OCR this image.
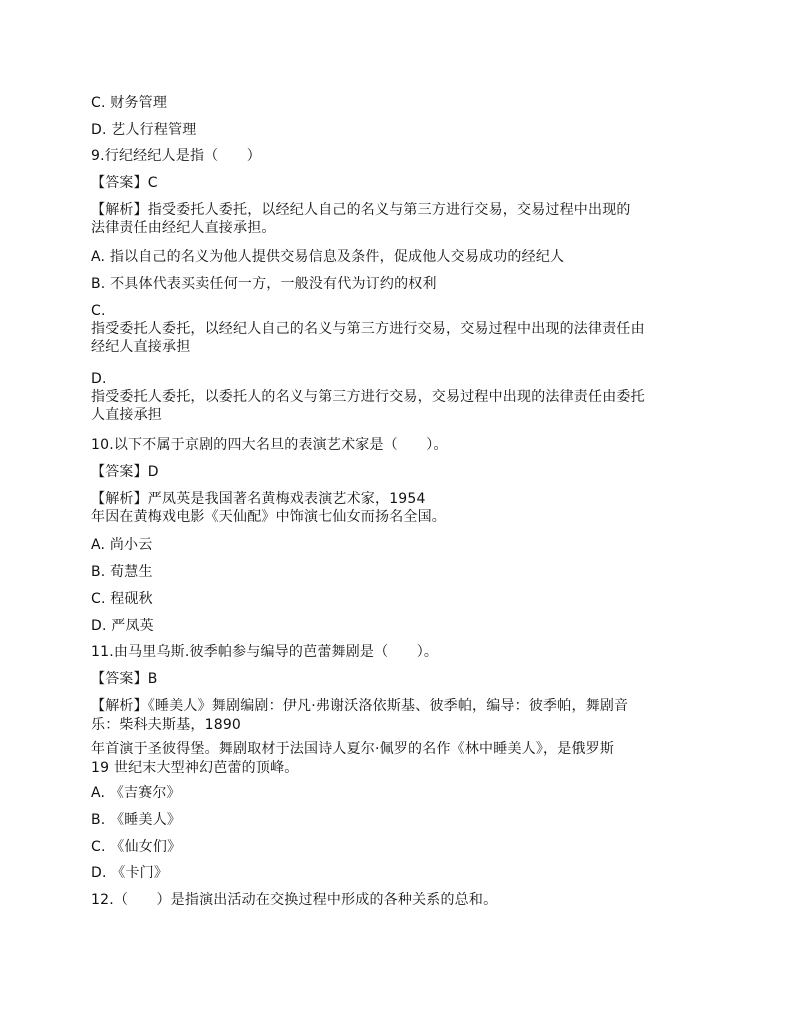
C. 财务管理
D. 艺人行程管理
9.行纪经纪人是指（　　）
【答案】C
【解析】指受委托人委托，以经纪人自己的名义与第三方进行交易，交易过程中出现的
法律责任由经纪人直接承担。
A. 指以自己的名义为他人提供交易信息及条件，促成他人交易成功的经纪人
B. 不具体代表买卖任何一方，一般没有代为订约的权利
C.
指受委托人委托，以经纪人自己的名义与第三方进行交易，交易过程中出现的法律责任由
经纪人直接承担
D.
指受委托人委托，以委托人的名义与第三方进行交易，交易过程中出现的法律责任由委托
人直接承担
10.以下不属于京剧的四大名旦的表演艺术家是（　　）。
【答案】D
【解析】严凤英是我国著名黄梅戏表演艺术家，1954
年因在黄梅戏电影《天仙配》中饰演七仙女而扬名全国。
A. 尚小云
B. 荀慧生
C. 程砚秋
D. 严凤英
11.由马里乌斯.彼季帕参与编导的芭蕾舞剧是（　　）。
【答案】B
【解析】《睡美人》舞剧编剧：伊凡·弗谢沃洛依斯基、彼季帕，编导：彼季帕，舞剧音
乐：柴科夫斯基，1890
年首演于圣彼得堡。舞剧取材于法国诗人夏尔·佩罗的名作《林中睡美人》，是俄罗斯
19 世纪末大型神幻芭蕾的顶峰。
A. 《吉赛尔》
B. 《睡美人》
C. 《仙女们》
D. 《卡门》
12.（　　）是指演出活动在交换过程中形成的各种关系的总和。
